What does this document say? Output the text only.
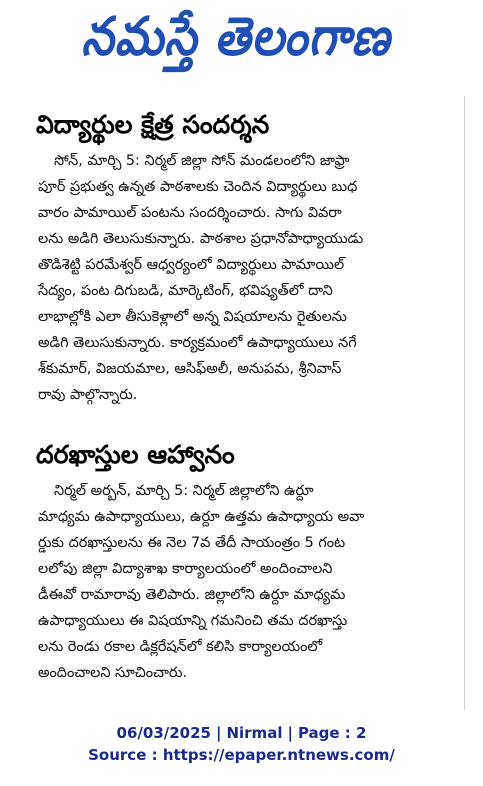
నమస్తే తెలంగాణ
విద్యార్థుల క్షేత్ర సందర్శన
సోన్, మార్చి 5: నిర్మల్ జిల్లా సోన్ మండలంలోని జాఫ్రా
పూర్ ప్రభుత్వ ఉన్నత పాఠశాలకు చెందిన విద్యార్థులు బుధ
వారం పామాయిల్ పంటను సందర్శించారు. సాగు వివరా
లను అడిగి తెలుసుకున్నారు. పాఠశాల ప్రధానోపాధ్యాయుడు
తొడిశెట్టి పరమేశ్వర్ ఆధ్వర్యంలో విద్యార్థులు పామాయిల్
సేద్యం, పంట దిగుబడి, మార్కెటింగ్, భవిష్యత్‌లో దాని
లాభాల్లోకి ఎలా తీసుకెళ్లాలో అన్న విషయాలను రైతులను
అడిగి తెలుసుకున్నారు. కార్యక్రమంలో ఉపాధ్యాయులు నగే
శ్‌కుమార్, విజయమాల, ఆసిఫ్‌అలీ, అనుపమ, శ్రీనివాస్
రావు పాల్గొన్నారు.
దరఖాస్తుల ఆహ్వానం
నిర్మల్ అర్బన్, మార్చి 5: నిర్మల్ జిల్లాలోని ఉర్దూ
మాధ్యమ ఉపాధ్యాయులు, ఉర్దూ ఉత్తమ ఉపాధ్యాయ అవా
ర్డుకు దరఖాస్తులను ఈ నెల 7వ తేదీ సాయంత్రం 5 గంట
లలోపు జిల్లా విద్యాశాఖ కార్యాలయంలో అందించాలని
డీఈవో రామారావు తెలిపారు. జిల్లాలోని ఉర్దూ మాధ్యమ
ఉపాధ్యాయులు ఈ విషయాన్ని గమనించి తమ దరఖాస్తు
లను రెండు రకాల డిక్లరేషన్‌లో కలిసి కార్యాలయంలో
అందించాలని సూచించారు.
06/03/2025 | Nirmal | Page : 2
Source : https://epaper.ntnews.com/
